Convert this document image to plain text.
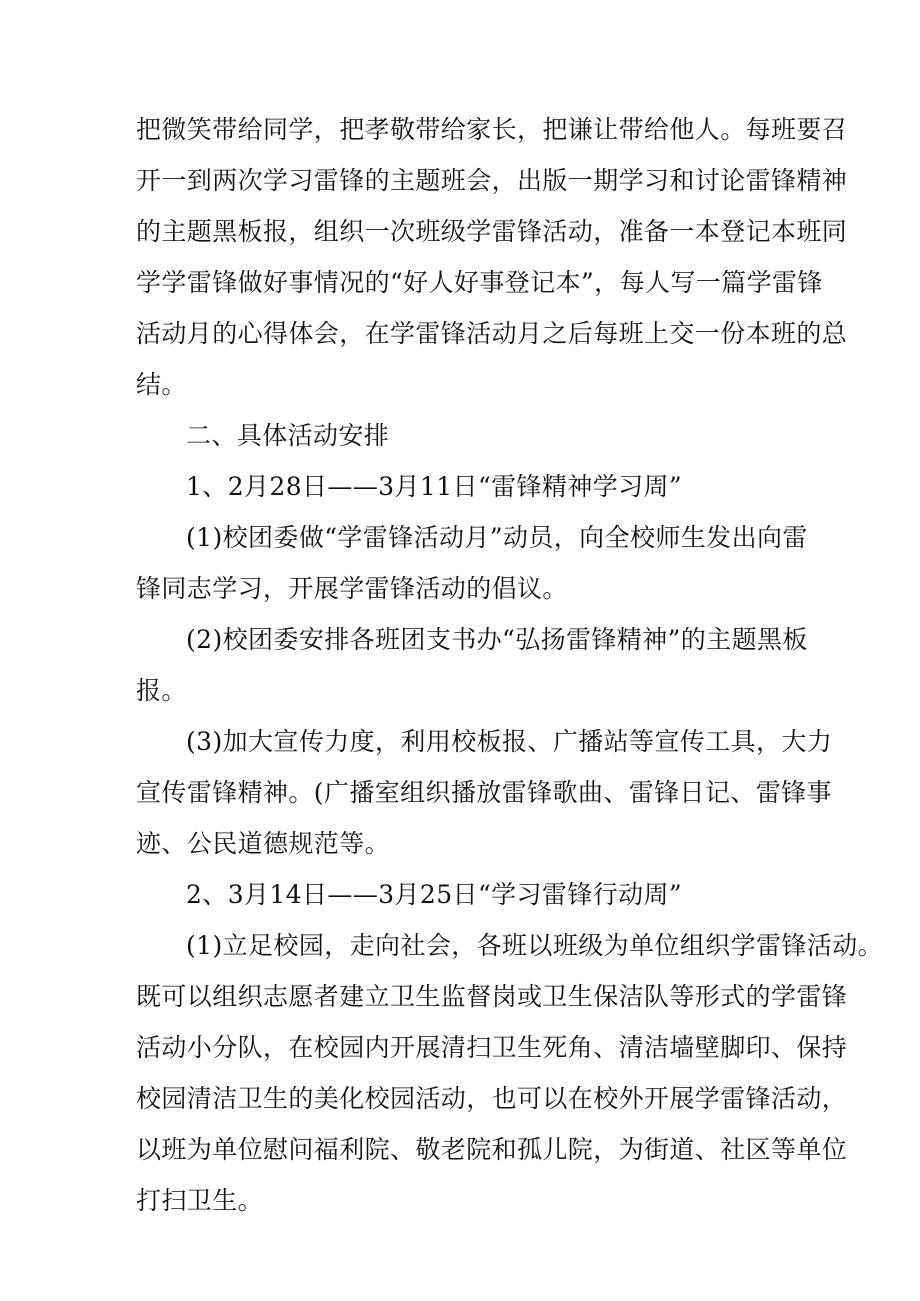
把微笑带给同学，把孝敬带给家长，把谦让带给他人。每班要召
开一到两次学习雷锋的主题班会，出版一期学习和讨论雷锋精神
的主题黑板报，组织一次班级学雷锋活动，准备一本登记本班同
学学雷锋做好事情况的“好人好事登记本”，每人写一篇学雷锋
活动月的心得体会，在学雷锋活动月之后每班上交一份本班的总
结。
二、具体活动安排
1、2月28日——3月11日“雷锋精神学习周”
(1)校团委做“学雷锋活动月”动员，向全校师生发出向雷
锋同志学习，开展学雷锋活动的倡议。
(2)校团委安排各班团支书办“弘扬雷锋精神”的主题黑板
报。
(3)加大宣传力度，利用校板报、广播站等宣传工具，大力
宣传雷锋精神。(广播室组织播放雷锋歌曲、雷锋日记、雷锋事
迹、公民道德规范等。
2、3月14日——3月25日“学习雷锋行动周”
(1)立足校园，走向社会，各班以班级为单位组织学雷锋活动。
既可以组织志愿者建立卫生监督岗或卫生保洁队等形式的学雷锋
活动小分队，在校园内开展清扫卫生死角、清洁墙壁脚印、保持
校园清洁卫生的美化校园活动，也可以在校外开展学雷锋活动，
以班为单位慰问福利院、敬老院和孤儿院，为街道、社区等单位
打扫卫生。
